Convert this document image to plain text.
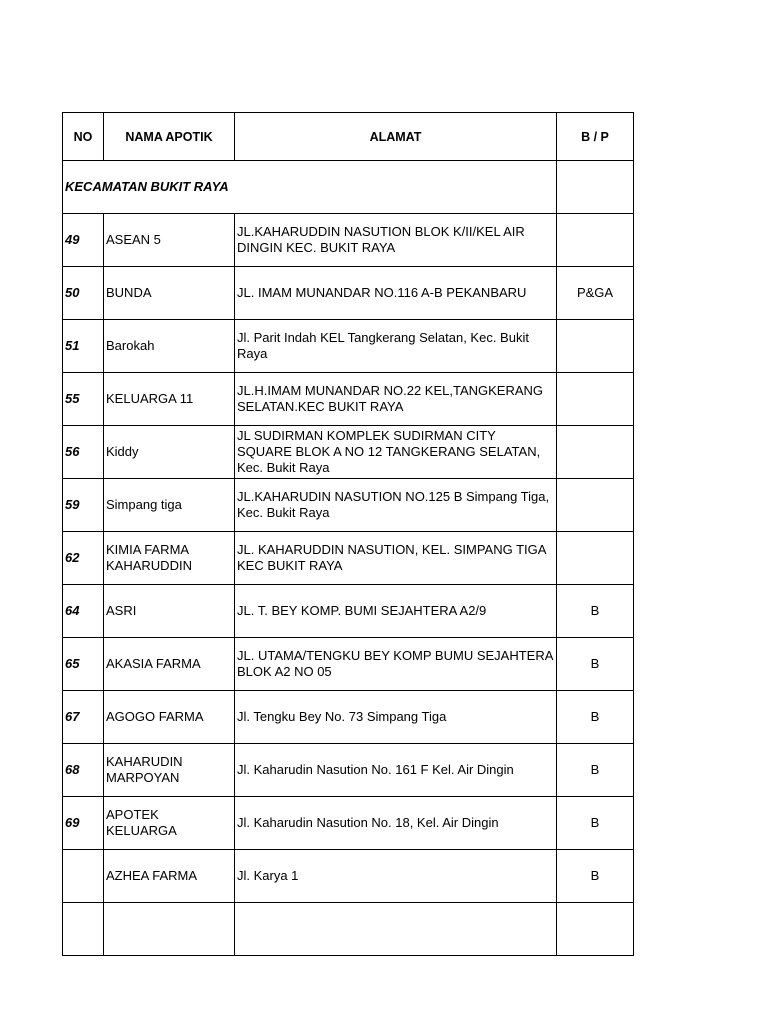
NO	NAMA APOTIK	ALAMAT	B / P
KECAMATAN BUKIT RAYA			
49	ASEAN 5	JL.KAHARUDDIN NASUTION BLOK K/II/KEL AIR DINGIN KEC. BUKIT RAYA	
50	BUNDA	JL. IMAM MUNANDAR NO.116 A-B PEKANBARU	P&GA
51	Barokah	Jl. Parit Indah KEL Tangkerang Selatan, Kec. Bukit Raya	
55	KELUARGA 11	JL.H.IMAM MUNANDAR NO.22 KEL,TANGKERANG SELATAN.KEC BUKIT RAYA	
56	Kiddy	JL SUDIRMAN KOMPLEK SUDIRMAN CITY SQUARE BLOK A NO 12 TANGKERANG SELATAN, Kec. Bukit Raya	
59	Simpang tiga	JL.KAHARUDIN NASUTION NO.125 B Simpang Tiga, Kec. Bukit Raya	
62	KIMIA FARMA KAHARUDDIN	JL. KAHARUDDIN NASUTION, KEL. SIMPANG TIGA KEC BUKIT RAYA	
64	ASRI	JL. T. BEY KOMP. BUMI SEJAHTERA A2/9	B
65	AKASIA FARMA	JL. UTAMA/TENGKU BEY KOMP BUMU SEJAHTERA BLOK A2 NO 05	B
67	AGOGO FARMA	Jl. Tengku Bey No. 73 Simpang Tiga	B
68	KAHARUDIN MARPOYAN	Jl. Kaharudin Nasution No. 161 F Kel. Air Dingin	B
69	APOTEK KELUARGA	Jl. Kaharudin Nasution No. 18, Kel. Air Dingin	B
	AZHEA FARMA	Jl. Karya 1	B
